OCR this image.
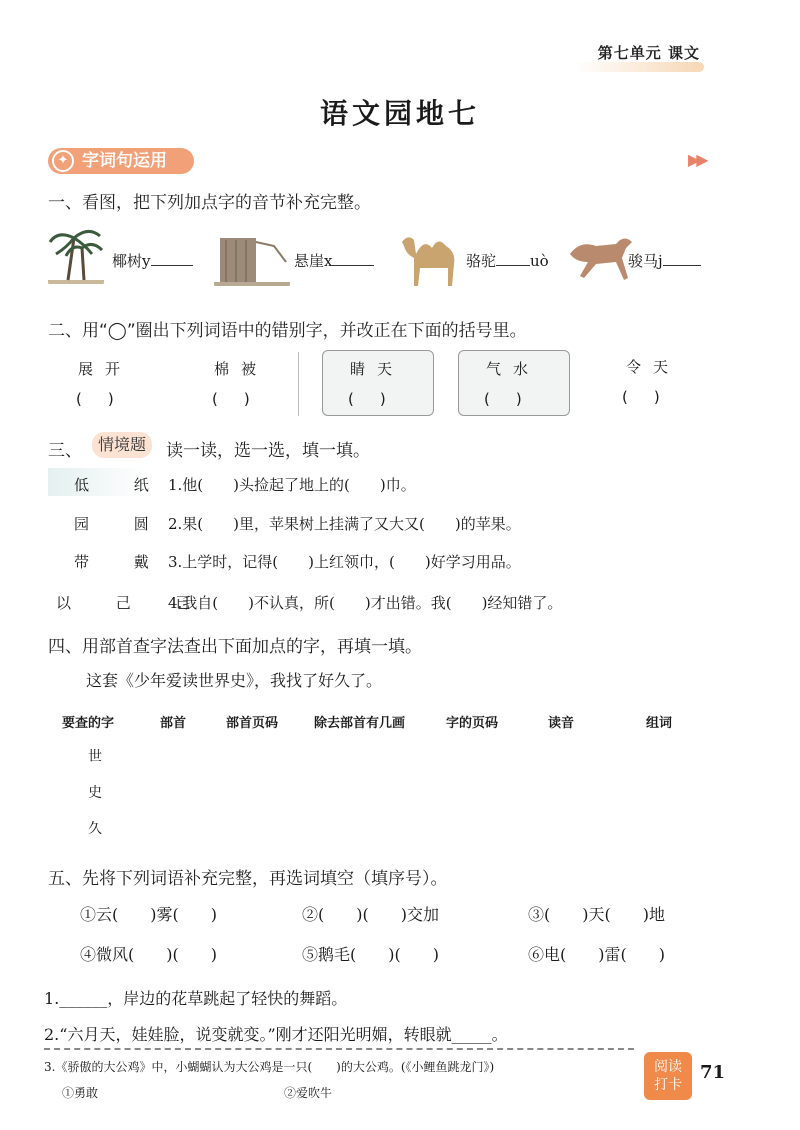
第七单元 课文
语文园地七
字词句运用
✦	▶▶
一、看图，把下列加点字的音节补充完整。
椰树y	悬崖x	骆驼 uò	骏马j
二、用“◯”圈出下列词语中的错别字，并改正在下面的括号里。
展开	棉被	睛天	气水	令天
()	()	()	()	()
三、	情境题	读一读，选一选，填一填。
低 纸 1.他(　　)头捡起了地上的(　　)巾。
园 圆 2.果(　　)里，苹果树上挂满了又大又(　　)的苹果。
带 戴 3.上学时，记得(　　)上红领巾，(　　)好学习用品。
以 己 已
4.我自(　　)不认真，所(　　)才出错。我(　　)经知错了。
四、用部首查字法查出下面加点的字，再填一填。
这套《少年爱读世界史》，我找了好久了。
要查的字	部首	部首页码	除去部首有几画	字的页码	读音	组词
世
史
久
五、先将下列词语补充完整，再选词填空（填序号）。
①云(　　)雾(　　)	②(　　)(　　)交加	③(　　)天(　　)地
④微风(　　)(　　)	⑤鹅毛(　　)(　　)	⑥电(　　)雷(　　)
1.______，岸边的花草跳起了轻快的舞蹈。
2.“六月天，娃娃脸，说变就变。”刚才还阳光明媚，转眼就_____。
3.《骄傲的大公鸡》中，小蝴蝴认为大公鸡是一只(　　)的大公鸡。(《小鲤鱼跳龙门》)
①勇敢	②爱吹牛
阅读
打卡
71
